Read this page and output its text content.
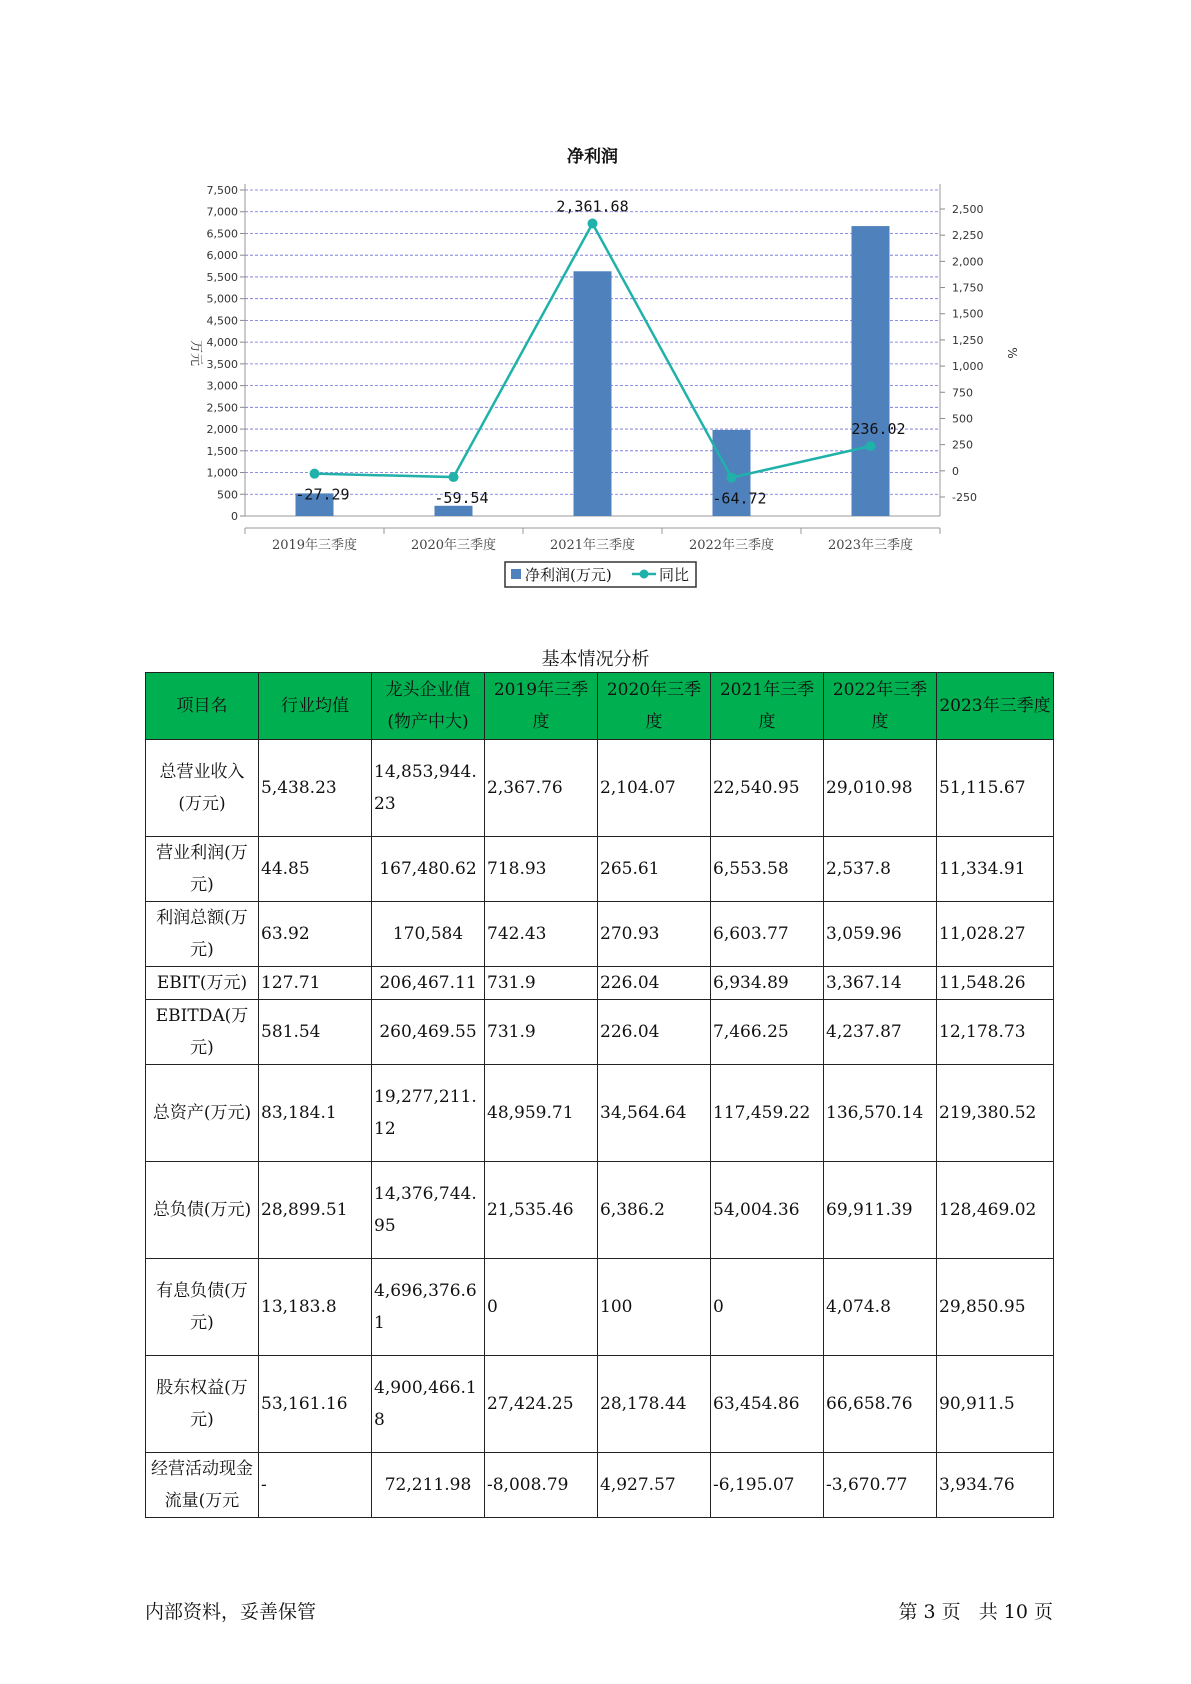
净利润
0
500
1,000
1,500
2,000
2,500
3,000
3,500
4,000
4,500
5,000
5,500
6,000
6,500
7,000
7,500
-250
0
250
500
750
1,000
1,250
1,500
1,750
2,000
2,250
2,500
万元	%
2019年三季度	2020年三季度	2021年三季度	2022年三季度	2023年三季度
-27.29	-59.54
2,361.68
-64.72
236.02
净利润(万元)	同比
基本情况分析
项目名	行业均值	龙头企业值(物产中大)	2019年三季度	2020年三季度	2021年三季度	2022年三季度	2023年三季度
总营业收入(万元)	5,438.23	14,853,944.23	2,367.76	2,104.07	22,540.95	29,010.98	51,115.67
营业利润(万元)	44.85	167,480.62	718.93	265.61	6,553.58	2,537.8	11,334.91
利润总额(万元)	63.92	170,584	742.43	270.93	6,603.77	3,059.96	11,028.27
EBIT(万元)	127.71	206,467.11	731.9	226.04	6,934.89	3,367.14	11,548.26
EBITDA(万元)	581.54	260,469.55	731.9	226.04	7,466.25	4,237.87	12,178.73
总资产(万元)	83,184.1	19,277,211.12	48,959.71	34,564.64	117,459.22	136,570.14	219,380.52
总负债(万元)	28,899.51	14,376,744.95	21,535.46	6,386.2	54,004.36	69,911.39	128,469.02
有息负债(万元)	13,183.8	4,696,376.61	0	100	0	4,074.8	29,850.95
股东权益(万元)	53,161.16	4,900,466.18	27,424.25	28,178.44	63,454.86	66,658.76	90,911.5
经营活动现金流量(万元	-	72,211.98	-8,008.79	4,927.57	-6,195.07	-3,670.77	3,934.76
内部资料，妥善保管	第 3 页   共 10 页
